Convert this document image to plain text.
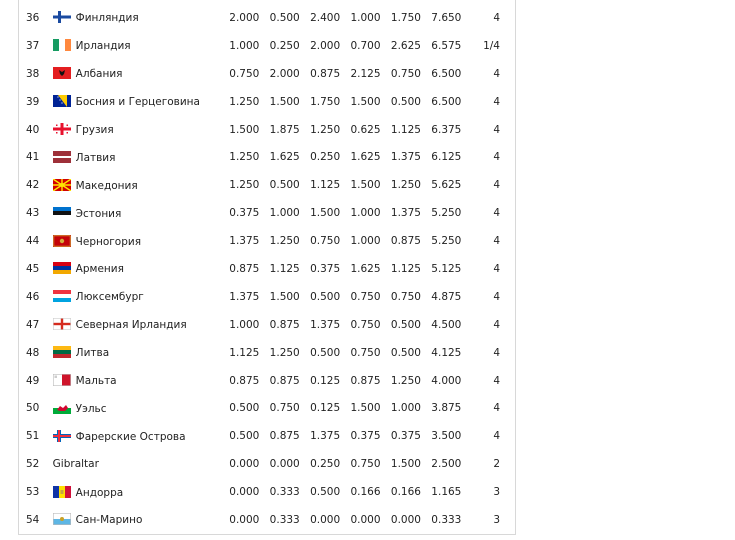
36	Финляндия	2.000	0.500	2.400	1.000	1.750	7.650	4
37	Ирландия	1.000	0.250	2.000	0.700	2.625	6.575	1/4
38	Албания	0.750	2.000	0.875	2.125	0.750	6.500	4
39	Босния и Герцеговина	1.250	1.500	1.750	1.500	0.500	6.500	4
40	Грузия	1.500	1.875	1.250	0.625	1.125	6.375	4
41	Латвия	1.250	1.625	0.250	1.625	1.375	6.125	4
42	Македония	1.250	0.500	1.125	1.500	1.250	5.625	4
43	Эстония	0.375	1.000	1.500	1.000	1.375	5.250	4
44	Черногория	1.375	1.250	0.750	1.000	0.875	5.250	4
45	Армения	0.875	1.125	0.375	1.625	1.125	5.125	4
46	Люксембург	1.375	1.500	0.500	0.750	0.750	4.875	4
47	Северная Ирландия	1.000	0.875	1.375	0.750	0.500	4.500	4
48	Литва	1.125	1.250	0.500	0.750	0.500	4.125	4
49	Мальта	0.875	0.875	0.125	0.875	1.250	4.000	4
50	Уэльс	0.500	0.750	0.125	1.500	1.000	3.875	4
51	Фарерские Острова	0.500	0.875	1.375	0.375	0.375	3.500	4
52	Gibraltar	0.000	0.000	0.250	0.750	1.500	2.500	2
53	Андорра	0.000	0.333	0.500	0.166	0.166	1.165	3
54	Сан-Марино	0.000	0.333	0.000	0.000	0.000	0.333	3
